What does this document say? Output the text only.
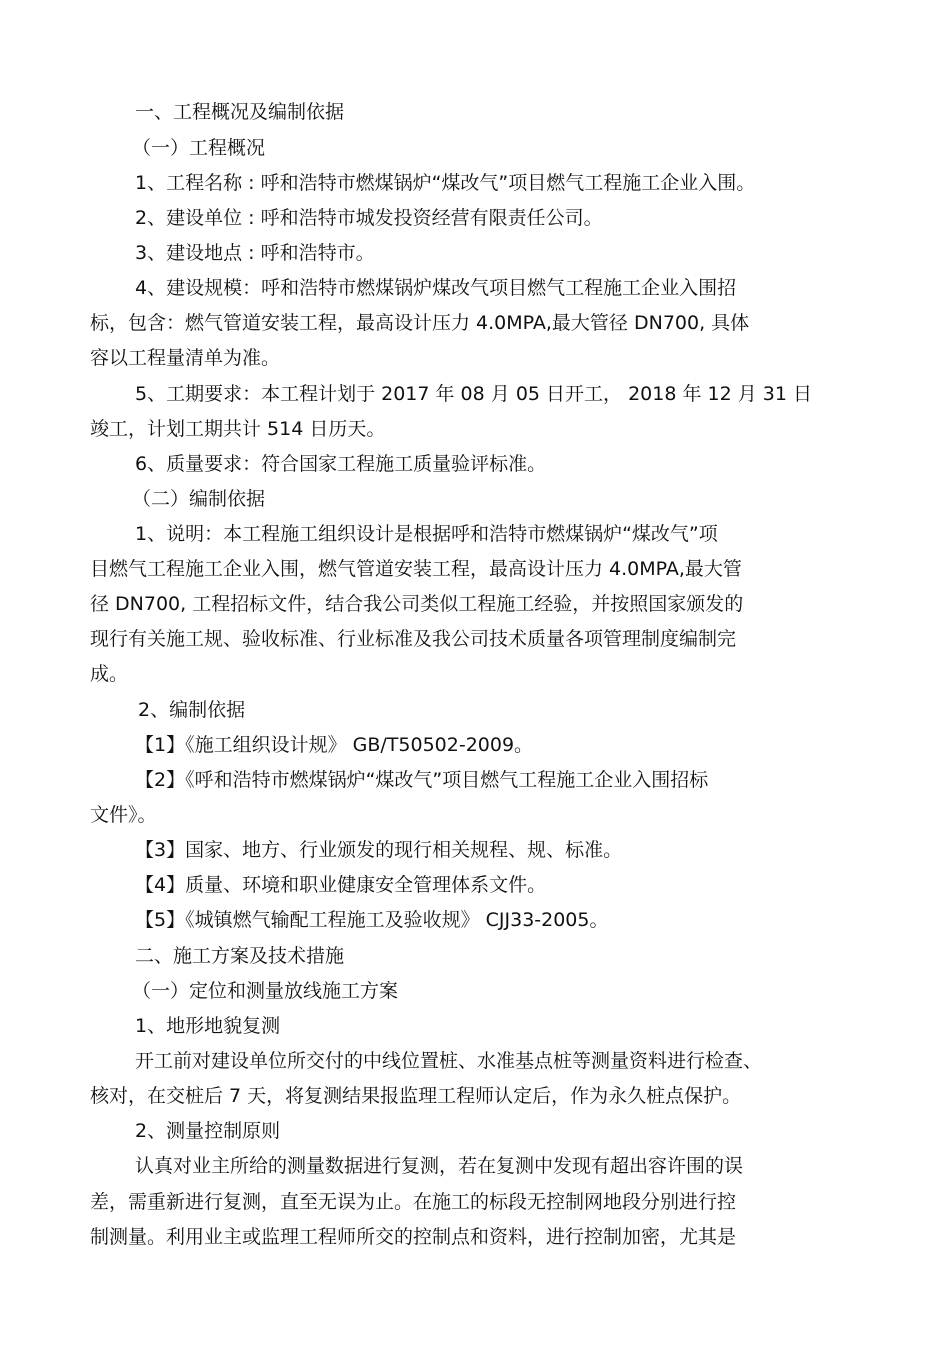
一、工程概况及编制依据
（一）工程概况
1、工程名称 : 呼和浩特市燃煤锅炉“煤改气”项目燃气工程施工企业入围。
2、建设单位 : 呼和浩特市城发投资经营有限责任公司。
3、建设地点 : 呼和浩特市。
4、建设规模：呼和浩特市燃煤锅炉煤改气项目燃气工程施工企业入围招
标，包含：燃气管道安装工程，最高设计压力 4.0MPA,最大管径 DN700, 具体
容以工程量清单为准。
5、工期要求：本工程计划于 2017 年 08 月 05 日开工， 2018 年 12 月 31 日
竣工，计划工期共计 514 日历天。
6、质量要求：符合国家工程施工质量验评标准。
（二）编制依据
1、说明：本工程施工组织设计是根据呼和浩特市燃煤锅炉“煤改气”项
目燃气工程施工企业入围，燃气管道安装工程，最高设计压力 4.0MPA,最大管
径 DN700, 工程招标文件，结合我公司类似工程施工经验，并按照国家颁发的
现行有关施工规、验收标准、行业标准及我公司技术质量各项管理制度编制完
成。
2、编制依据
【1】《施工组织设计规》 GB/T50502-2009。
【2】《呼和浩特市燃煤锅炉“煤改气”项目燃气工程施工企业入围招标
文件》。
【3】国家、地方、行业颁发的现行相关规程、规、标准。
【4】质量、环境和职业健康安全管理体系文件。
【5】《城镇燃气输配工程施工及验收规》 CJJ33-2005。
二、施工方案及技术措施
（一）定位和测量放线施工方案
1、地形地貌复测
开工前对建设单位所交付的中线位置桩、水准基点桩等测量资料进行检查、
核对，在交桩后 7 天，将复测结果报监理工程师认定后，作为永久桩点保护。
2、测量控制原则
认真对业主所给的测量数据进行复测，若在复测中发现有超出容许围的误
差，需重新进行复测，直至无误为止。在施工的标段无控制网地段分别进行控
制测量。利用业主或监理工程师所交的控制点和资料，进行控制加密，尤其是
